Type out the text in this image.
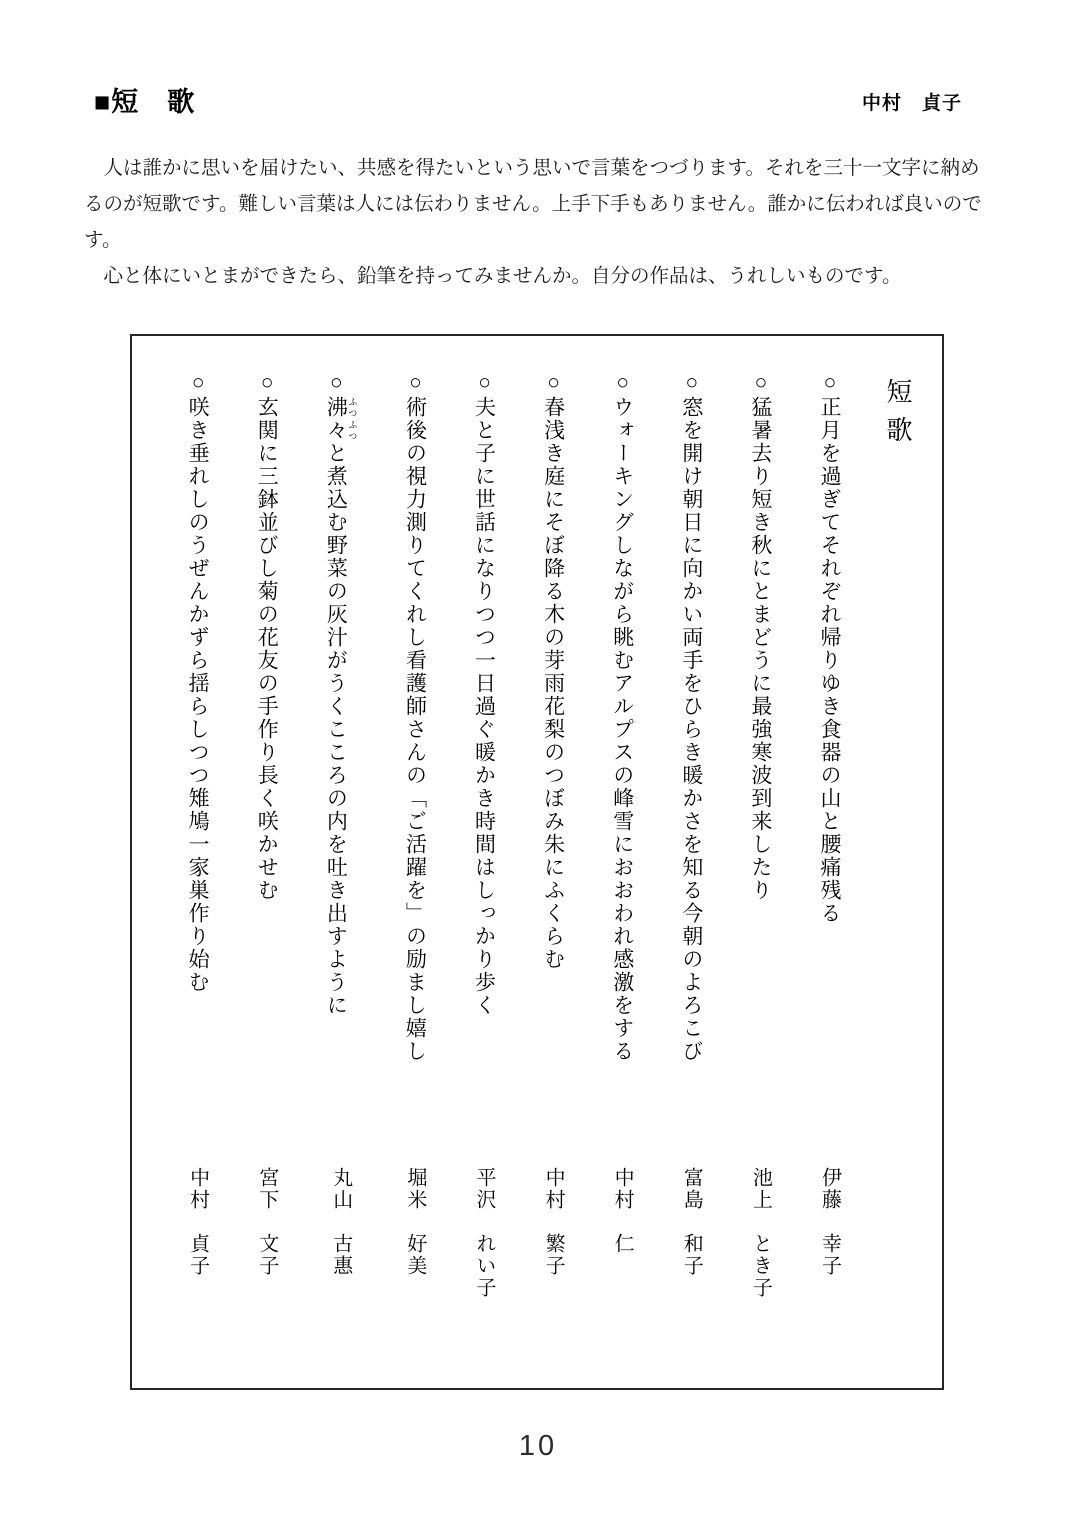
■短　歌	中村　貞子

人は誰かに思いを届けたい、共感を得たいという思いで言葉をつづります。それを三十一文字に納めるのが短歌です。難しい言葉は人には伝わりません。上手下手もありません。誰かに伝われば良いのです。

心と体にいとまができたら、鉛筆を持ってみませんか。自分の作品は、うれしいものです。

短歌
○正月を過ぎてそれぞれ帰りゆき食器の山と腰痛残る
伊藤　幸子
○猛暑去り短き秋にとまどうに最強寒波到来したり
池上　とき子
○窓を開け朝日に向かい両手をひらき暖かさを知る今朝のよろこび
富島　和子
○ウォーキングしながら眺むアルプスの峰雪におおわれ感激をする
中村　仁
○春浅き庭にそぼ降る木の芽雨花梨のつぼみ朱にふくらむ
中村　繁子
○夫と子に世話になりつつ一日過ぐ暖かき時間はしっかり歩く
平沢　れい子
○術後の視力測りてくれし看護師さんの「ご活躍を」の励まし嬉し
堀米　好美
○沸々 ふつふつと煮込む野菜の灰汁がうくこころの内を吐き出すように
丸山　古惠
○玄関に三鉢並びし菊の花友の手作り長く咲かせむ
宮下　文子
○咲き垂れしのうぜんかずら揺らしつつ雉鳩一家巣作り始む
中村　貞子
10
